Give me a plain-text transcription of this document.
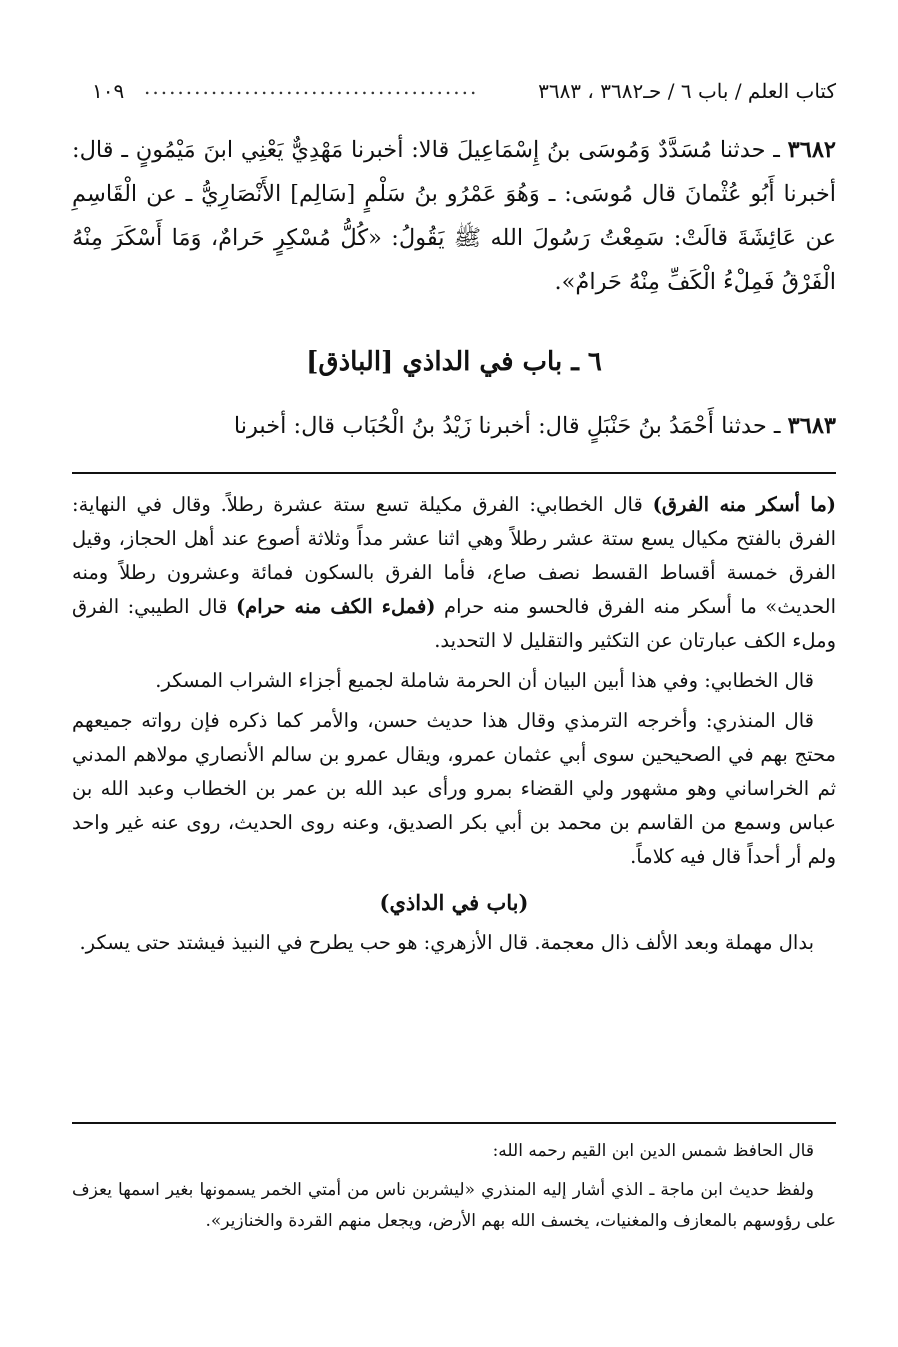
كتاب العلم / باب ٦ / حـ٣٦٨٢ ، ٣٦٨٣
........................................
١٠٩

٣٦٨٢ ـ حدثنا مُسَدَّدٌ وَمُوسَى بنُ إِسْمَاعِيلَ قالا: أخبرنا مَهْدِيٌّ يَعْنِي ابنَ مَيْمُونٍ ـ قال: أخبرنا أَبُو عُثْمانَ قال مُوسَى: ـ وَهُوَ عَمْرُو بنُ سَلْمٍ [سَالِم] الأَنْصَارِيُّ ـ عن الْقَاسِمِ عن عَائِشَةَ قالَتْ: سَمِعْتُ رَسُولَ الله ﷺ يَقُولُ: «كُلُّ مُسْكِرٍ حَرامٌ، وَمَا أَسْكَرَ مِنْهُ الْفَرْقُ فَمِلْءُ الْكَفِّ مِنْهُ حَرامٌ».

٦ ـ باب في الداذي [الباذق]
٣٦٨٣ ـ حدثنا أَحْمَدُ بنُ حَنْبَلٍ قال: أخبرنا زَيْدُ بنُ الْحُبَاب قال: أخبرنا

(ما أسكر منه الفرق) قال الخطابي: الفرق مكيلة تسع ستة عشرة رطلاً. وقال في النهاية: الفرق بالفتح مكيال يسع ستة عشر رطلاً وهي اثنا عشر مداً وثلاثة أصوع عند أهل الحجاز، وقيل الفرق خمسة أقساط القسط نصف صاع، فأما الفرق بالسكون فمائة وعشرون رطلاً ومنه الحديث» ما أسكر منه الفرق فالحسو منه حرام (فملء الكف منه حرام) قال الطيبي: الفرق وملء الكف عبارتان عن التكثير والتقليل لا التحديد.

قال الخطابي: وفي هذا أبين البيان أن الحرمة شاملة لجميع أجزاء الشراب المسكر.

قال المنذري: وأخرجه الترمذي وقال هذا حديث حسن، والأمر كما ذكره فإن رواته جميعهم محتج بهم في الصحيحين سوى أبي عثمان عمرو، ويقال عمرو بن سالم الأنصاري مولاهم المدني ثم الخراساني وهو مشهور ولي القضاء بمرو ورأى عبد الله بن عمر بن الخطاب وعبد الله بن عباس وسمع من القاسم بن محمد بن أبي بكر الصديق، وعنه روى الحديث، روى عنه غير واحد ولم أر أحداً قال فيه كلاماً.

(باب في الداذي)

بدال مهملة وبعد الألف ذال معجمة. قال الأزهري: هو حب يطرح في النبيذ فيشتد حتى يسكر.

قال الحافظ شمس الدين ابن القيم رحمه الله:

ولفظ حديث ابن ماجة ـ الذي أشار إليه المنذري «ليشربن ناس من أمتي الخمر يسمونها بغير اسمها يعزف على رؤوسهم بالمعازف والمغنيات، يخسف الله بهم الأرض، ويجعل منهم القردة والخنازير».
